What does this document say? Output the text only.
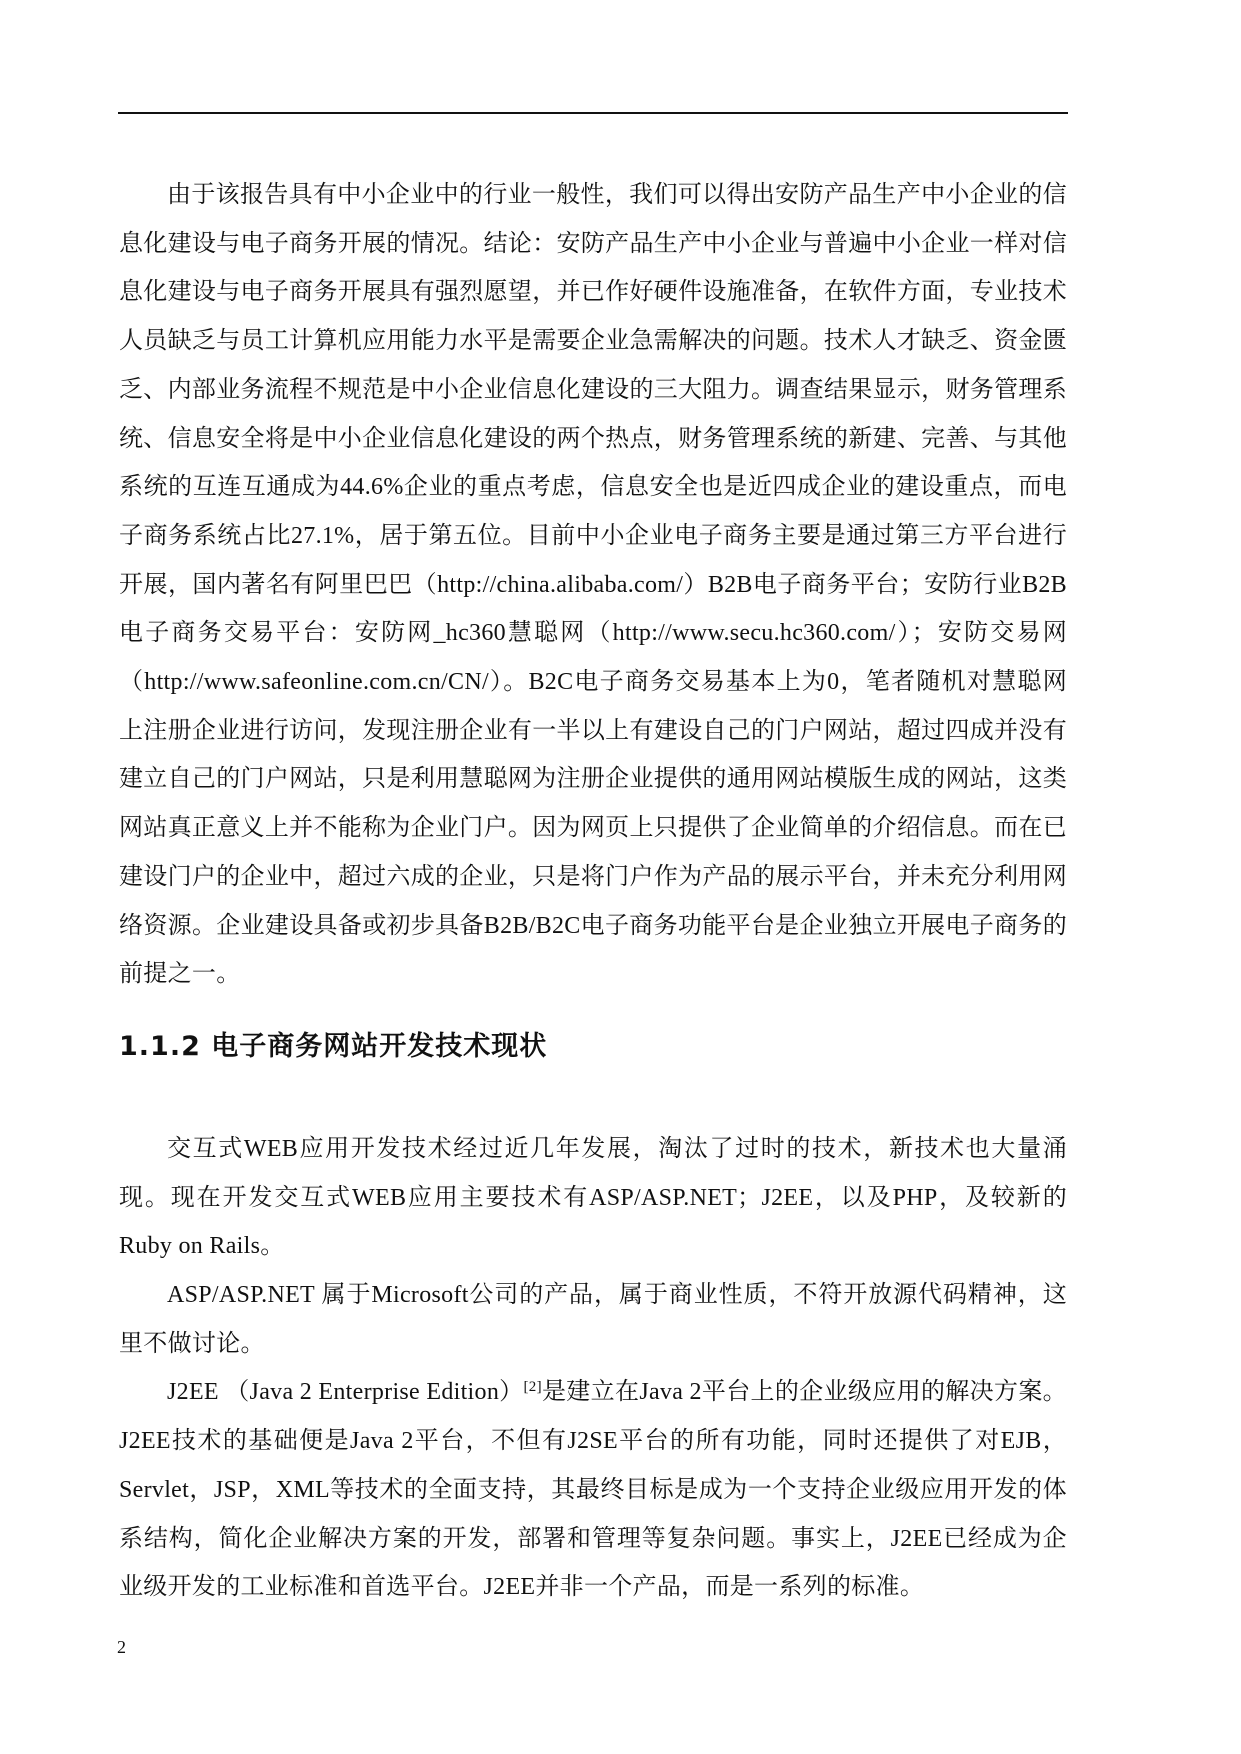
由于该报告具有中小企业中的行业一般性，我们可以得出安防产品生产中小企业的信息化建设与电子商务开展的情况。结论：安防产品生产中小企业与普遍中小企业一样对信息化建设与电子商务开展具有强烈愿望，并已作好硬件设施准备，在软件方面，专业技术人员缺乏与员工计算机应用能力水平是需要企业急需解决的问题。技术人才缺乏、资金匮乏、内部业务流程不规范是中小企业信息化建设的三大阻力。调查结果显示，财务管理系统、信息安全将是中小企业信息化建设的两个热点，财务管理系统的新建、完善、与其他系统的互连互通成为44.6%企业的重点考虑，信息安全也是近四成企业的建设重点，而电子商务系统占比27.1%，居于第五位。目前中小企业电子商务主要是通过第三方平台进行开展，国内著名有阿里巴巴（http://china.alibaba.com/）B2B电子商务平台；安防行业B2B电子商务交易平台：安防网_hc360慧聪网（http://www.secu.hc360.com/）；安防交易网（http://www.safeonline.com.cn/CN/）。B2C电子商务交易基本上为0，笔者随机对慧聪网上注册企业进行访问，发现注册企业有一半以上有建设自己的门户网站，超过四成并没有建立自己的门户网站，只是利用慧聪网为注册企业提供的通用网站模版生成的网站，这类网站真正意义上并不能称为企业门户。因为网页上只提供了企业简单的介绍信息。而在已建设门户的企业中，超过六成的企业，只是将门户作为产品的展示平台，并未充分利用网络资源。企业建设具备或初步具备B2B/B2C电子商务功能平台是企业独立开展电子商务的前提之一。

1.1.2 电子商务网站开发技术现状

交互式WEB应用开发技术经过近几年发展，淘汰了过时的技术，新技术也大量涌现。现在开发交互式WEB应用主要技术有ASP/ASP.NET；J2EE，以及PHP，及较新的Ruby on Rails。

ASP/ASP.NET 属于Microsoft公司的产品，属于商业性质，不符开放源代码精神，这里不做讨论。

J2EE （Java 2 Enterprise Edition）[2]是建立在Java 2平台上的企业级应用的解决方案。J2EE技术的基础便是Java 2平台，不但有J2SE平台的所有功能，同时还提供了对EJB，Servlet，JSP，XML等技术的全面支持，其最终目标是成为一个支持企业级应用开发的体系结构，简化企业解决方案的开发，部署和管理等复杂问题。事实上，J2EE已经成为企业级开发的工业标准和首选平台。J2EE并非一个产品，而是一系列的标准。

2
